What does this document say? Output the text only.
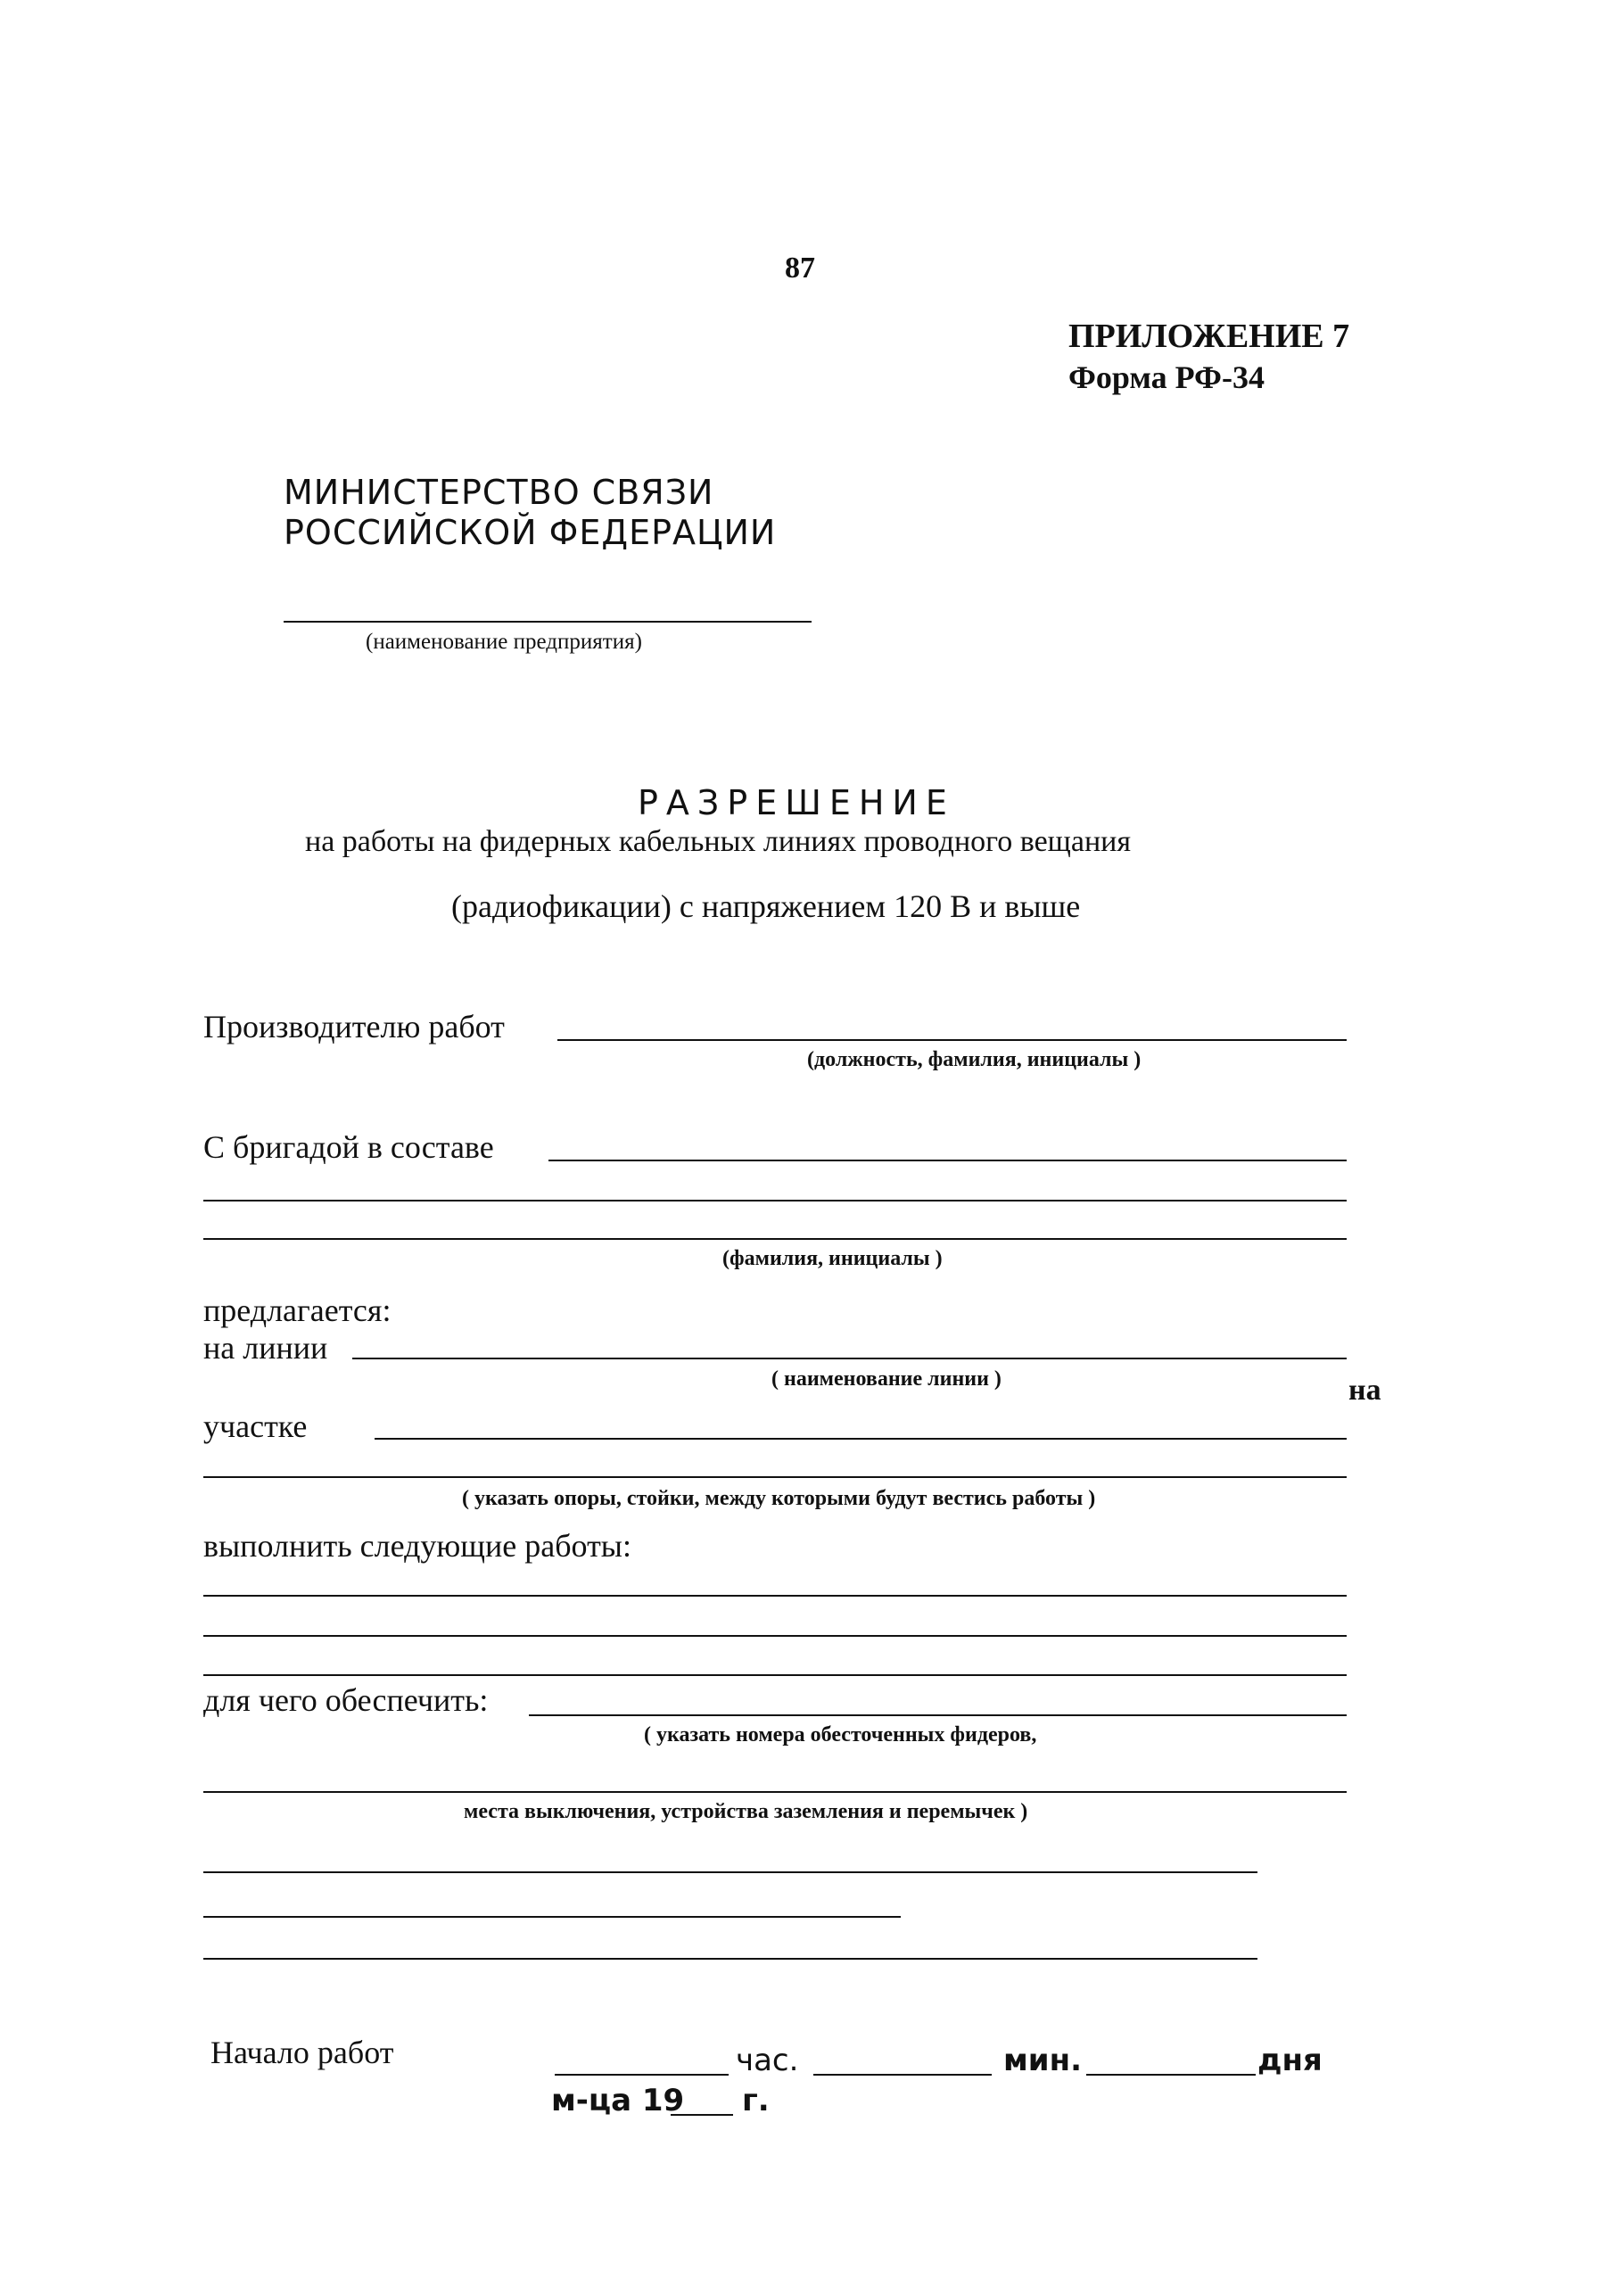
87
ПРИЛОЖЕНИЕ 7
Форма РФ-34
МИНИСТЕРСТВО СВЯЗИ
РОССИЙСКОЙ ФЕДЕРАЦИИ
(наименование предприятия)
РАЗРЕШЕНИЕ
на работы на фидерных кабельных линиях проводного вещания
(радиофикации) с напряжением 120 В и выше
Производителю работ
(должность, фамилия, инициалы )
С бригадой в составе
(фамилия, инициалы )
предлагается:
на линии
( наименование линии )	на
участке
( указать опоры, стойки, между которыми будут вестись работы )
выполнить следующие работы:
для чего обеспечить:
( указать номера обесточенных фидеров,
места выключения, устройства заземления и перемычек )
Начало работ	час.	мин.	дня
м-ца 19 г.
